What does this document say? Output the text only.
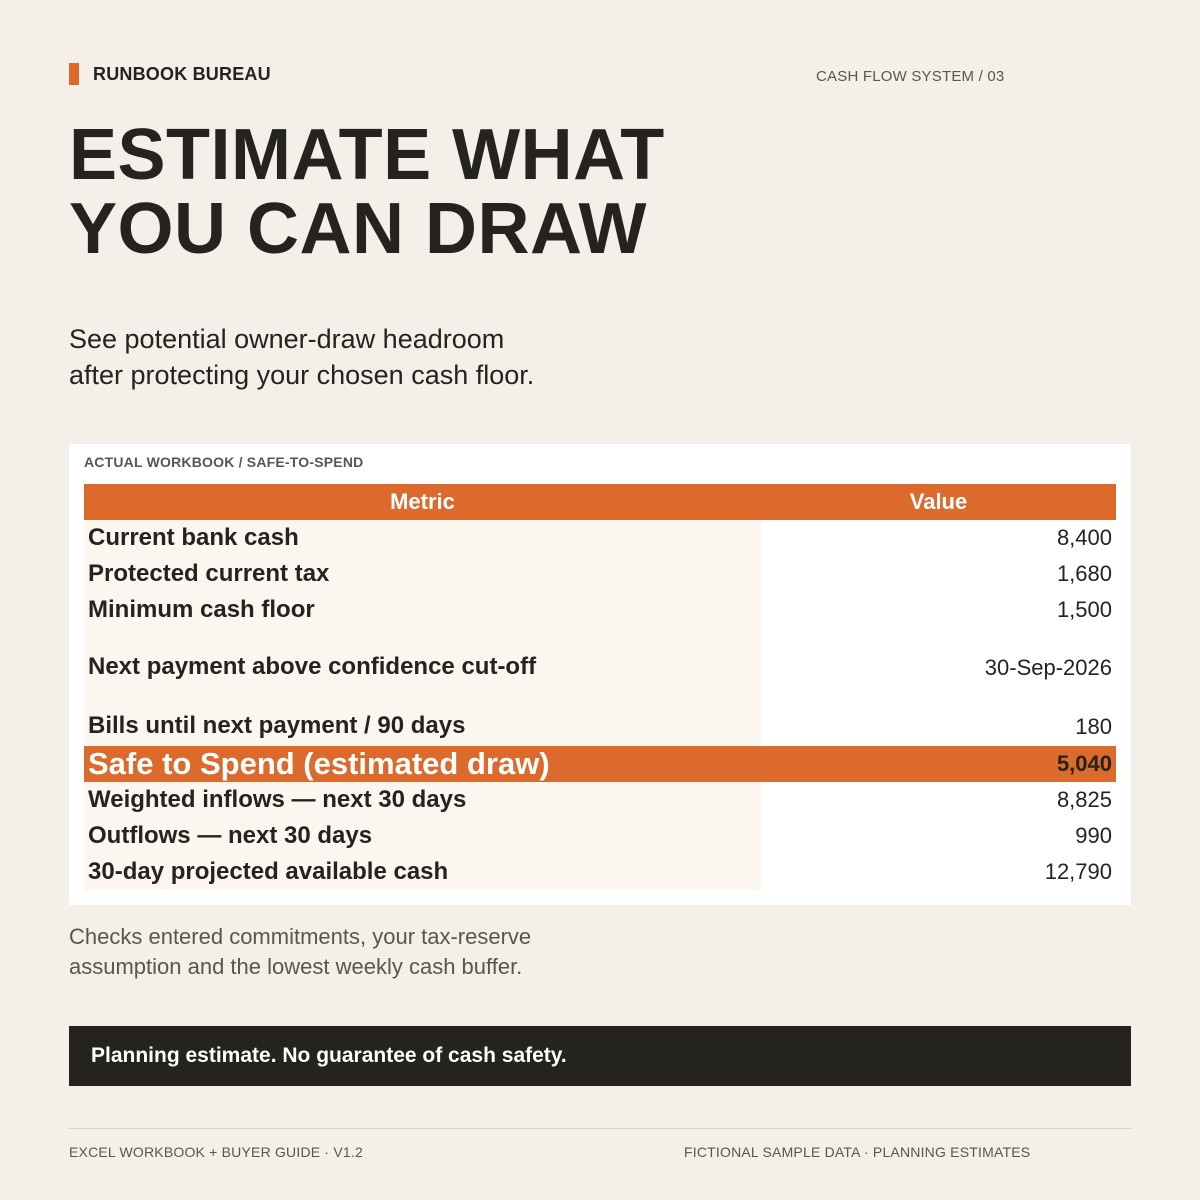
RUNBOOK BUREAU	CASH FLOW SYSTEM / 03
ESTIMATE WHAT
YOU CAN DRAW
See potential owner-draw headroom
after protecting your chosen cash floor.
ACTUAL WORKBOOK / SAFE-TO-SPEND
Metric	Value
Current bank cash	8,400
Protected current tax	1,680
Minimum cash floor	1,500
Next payment above confidence cut-off	30-Sep-2026
Bills until next payment / 90 days	180
Safe to Spend (estimated draw)	5,040
Weighted inflows — next 30 days	8,825
Outflows — next 30 days	990
30-day projected available cash	12,790
Checks entered commitments, your tax-reserve
assumption and the lowest weekly cash buffer.
Planning estimate. No guarantee of cash safety.
EXCEL WORKBOOK + BUYER GUIDE · V1.2	FICTIONAL SAMPLE DATA · PLANNING ESTIMATES
